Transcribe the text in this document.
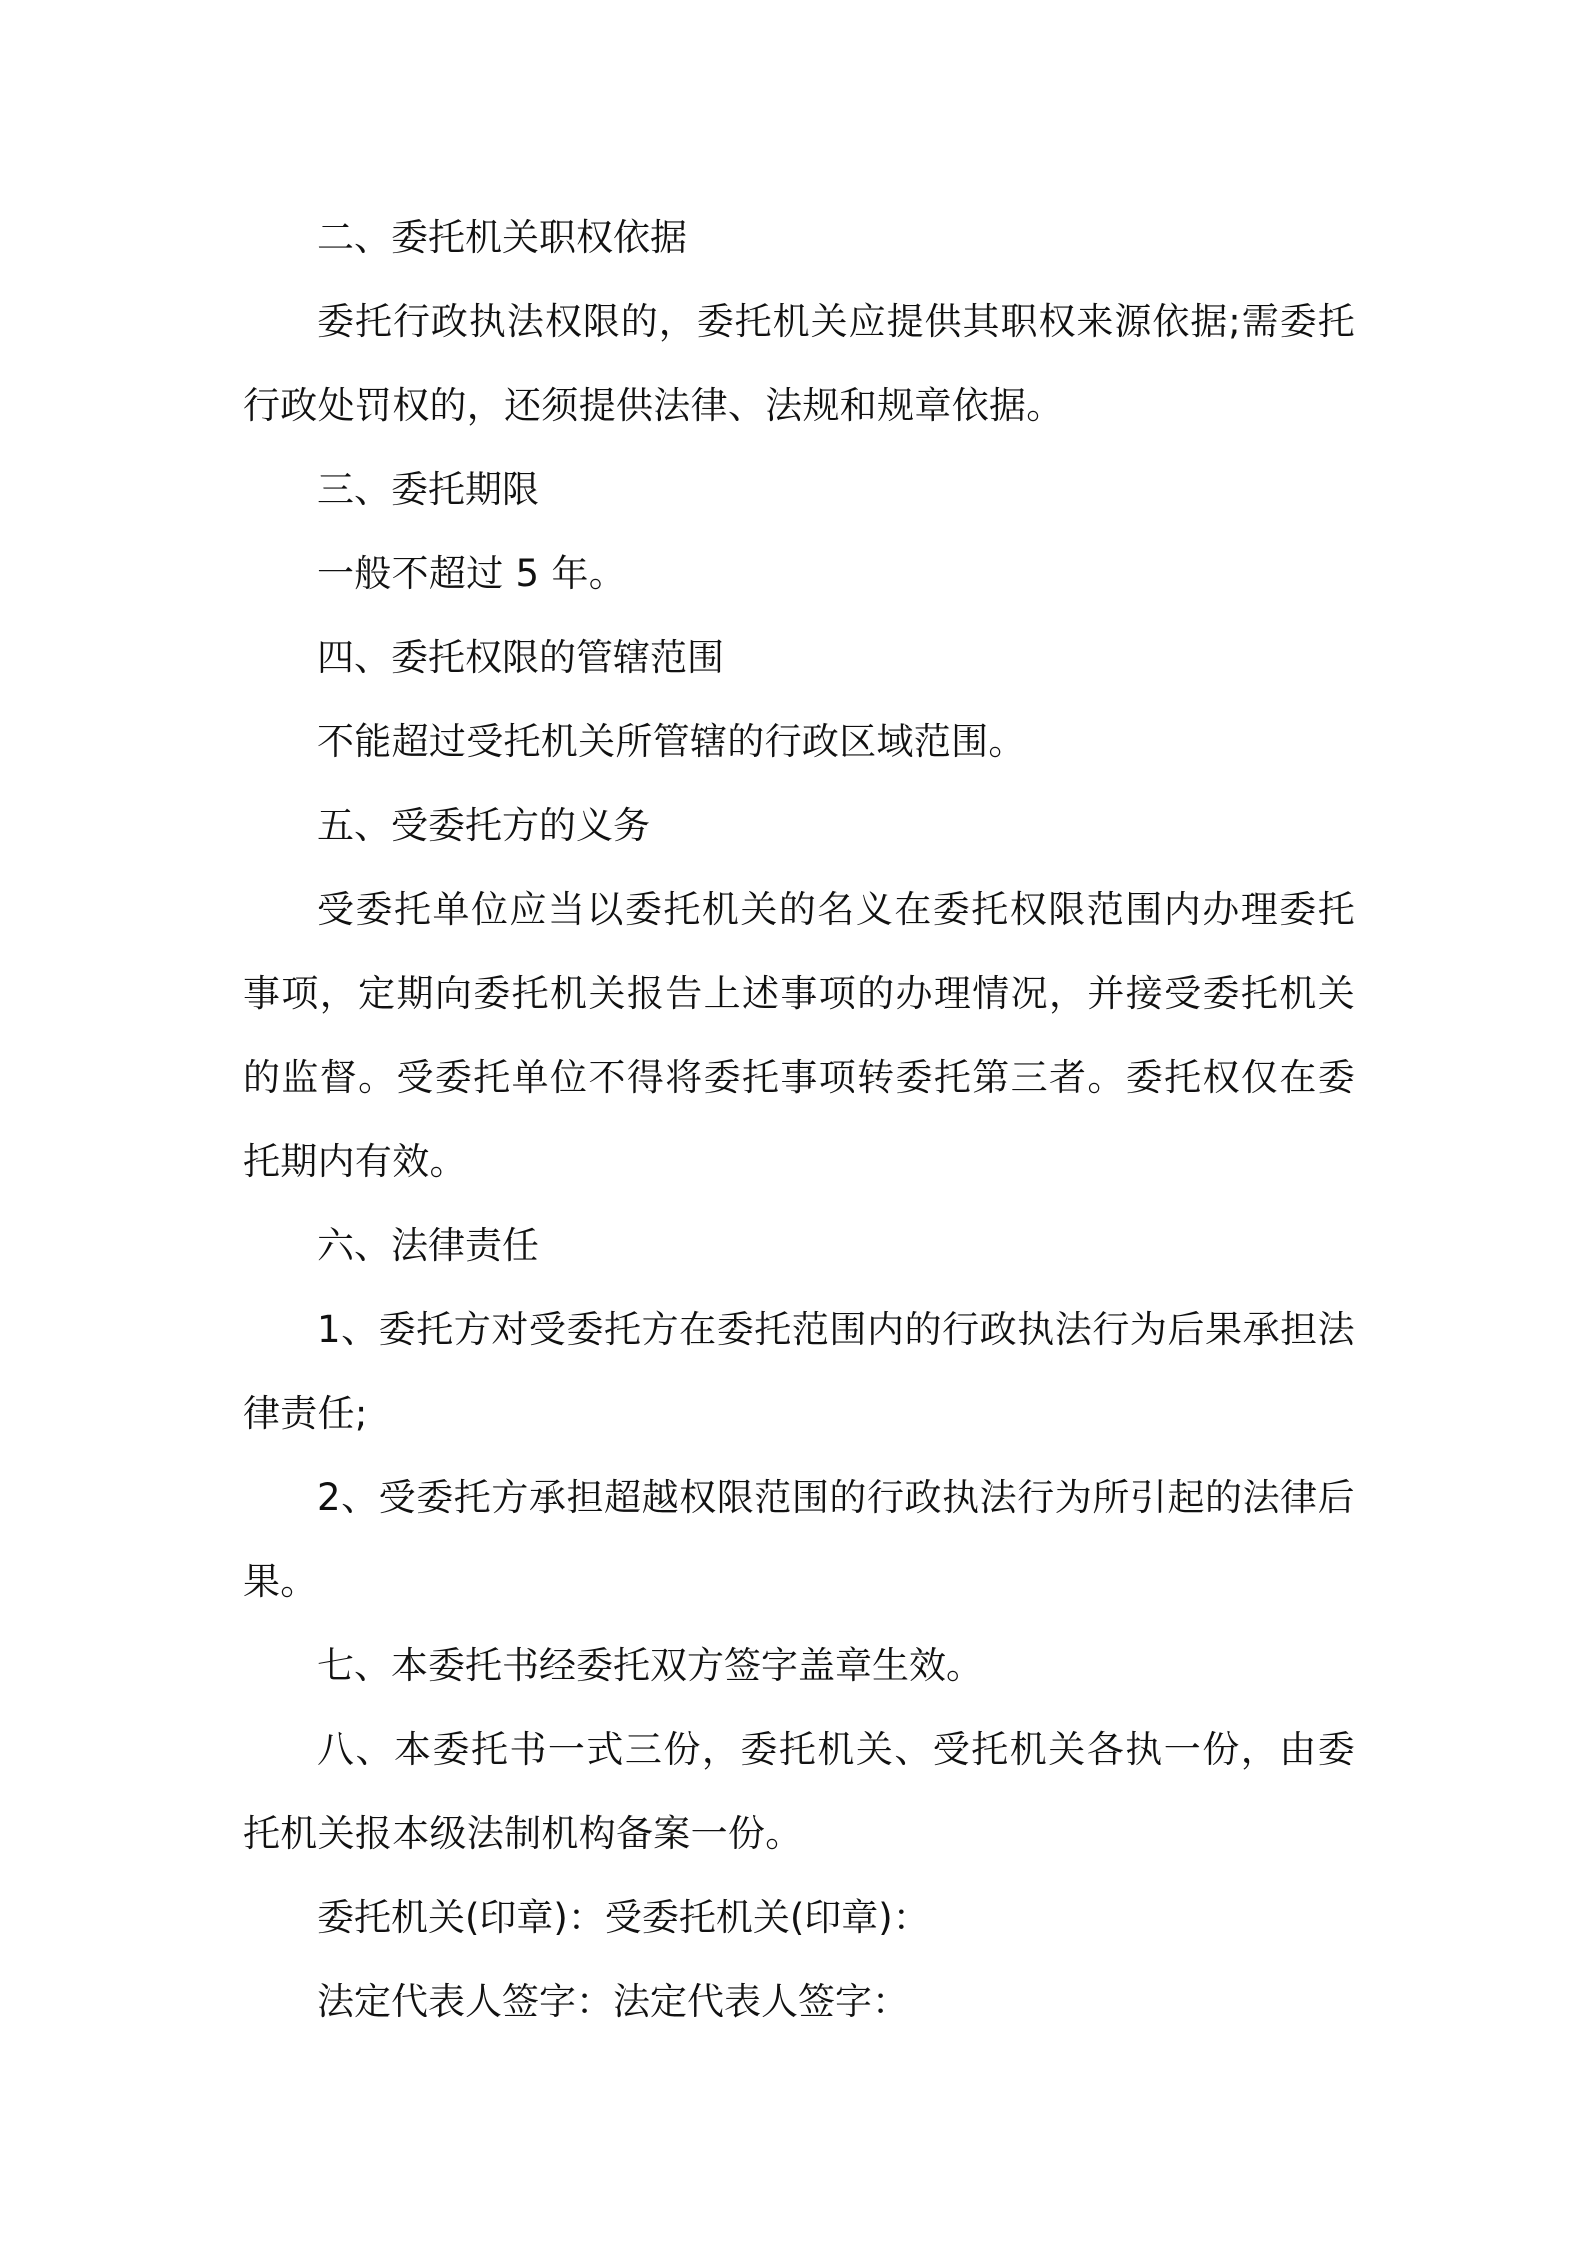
二、委托机关职权依据

委托行政执法权限的，委托机关应提供其职权来源依据;需委托行政处罚权的，还须提供法律、法规和规章依据。

三、委托期限

一般不超过 5 年。

四、委托权限的管辖范围

不能超过受托机关所管辖的行政区域范围。

五、受委托方的义务

受委托单位应当以委托机关的名义在委托权限范围内办理委托事项，定期向委托机关报告上述事项的办理情况，并接受委托机关的监督。受委托单位不得将委托事项转委托第三者。委托权仅在委托期内有效。

六、法律责任

1、委托方对受委托方在委托范围内的行政执法行为后果承担法律责任;

2、受委托方承担超越权限范围的行政执法行为所引起的法律后果。

七、本委托书经委托双方签字盖章生效。

八、本委托书一式三份，委托机关、受托机关各执一份，由委托机关报本级法制机构备案一份。

委托机关(印章)：受委托机关(印章)：

法定代表人签字：法定代表人签字：
